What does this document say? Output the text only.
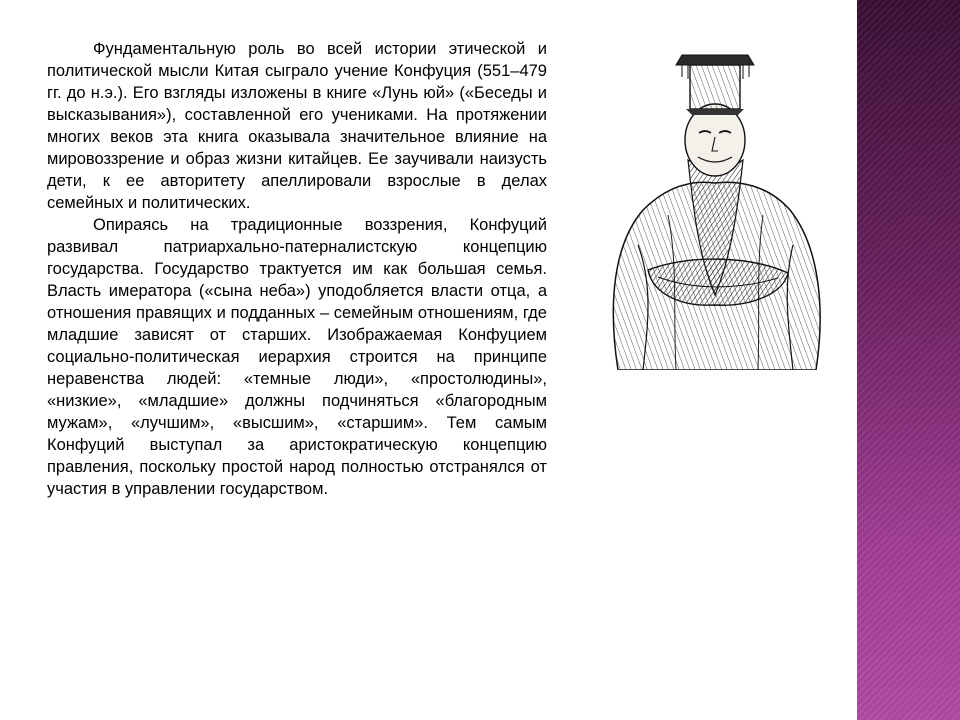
Фундаментальную роль во всей истории этической и политической мысли Китая сыграло учение Конфуция (551–479 гг. до н.э.). Его взгляды изложены в книге «Лунь юй» («Беседы и высказывания»), составленной его учениками. На протяжении многих веков эта книга оказывала значительное влияние на мировоззрение и образ жизни китайцев. Ее заучивали наизусть дети, к ее авторитету апеллировали взрослые в делах семейных и политических.

Опираясь на традиционные воззрения, Конфуций развивал патриархально-патерналистскую концепцию государства. Государство трактуется им как большая семья. Власть имератора («сына неба») уподобляется власти отца, а отношения правящих и подданных – семейным отношениям, где младшие зависят от старших. Изображаемая Конфуцием социально-политическая иерархия строится на принципе неравенства людей: «темные люди», «простолюдины», «низкие», «младшие» должны подчиняться «благородным мужам», «лучшим», «высшим», «старшим». Тем самым Конфуций выступал за аристократическую концепцию правления, поскольку простой народ полностью отстранялся от участия в управлении государством.
